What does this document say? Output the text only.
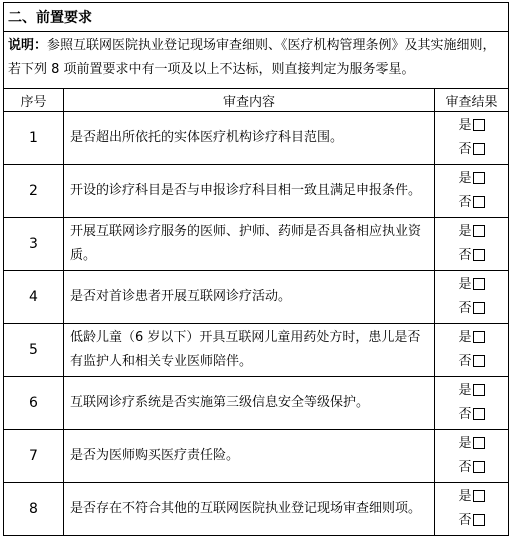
二、前置要求		
说明：参照互联网医院执业登记现场审查细则、《医疗机构管理条例》及其实施细则，若下列 8 项前置要求中有一项及以上不达标，则直接判定为服务零星。		
序号	审查内容	审查结果
1	是否超出所依托的实体医疗机构诊疗科目范围。	是
否

2	开设的诊疗科目是否与申报诊疗科目相一致且满足申报条件。	是
否

3	开展互联网诊疗服务的医师、护师、药师是否具备相应执业资质。	是
否

4	是否对首诊患者开展互联网诊疗活动。	是
否

5	低龄儿童（6 岁以下）开具互联网儿童用药处方时，患儿是否有监护人和相关专业医师陪伴。	是
否

6	互联网诊疗系统是否实施第三级信息安全等级保护。	是
否

7	是否为医师购买医疗责任险。	是
否

8	是否存在不符合其他的互联网医院执业登记现场审查细则项。	是
否
